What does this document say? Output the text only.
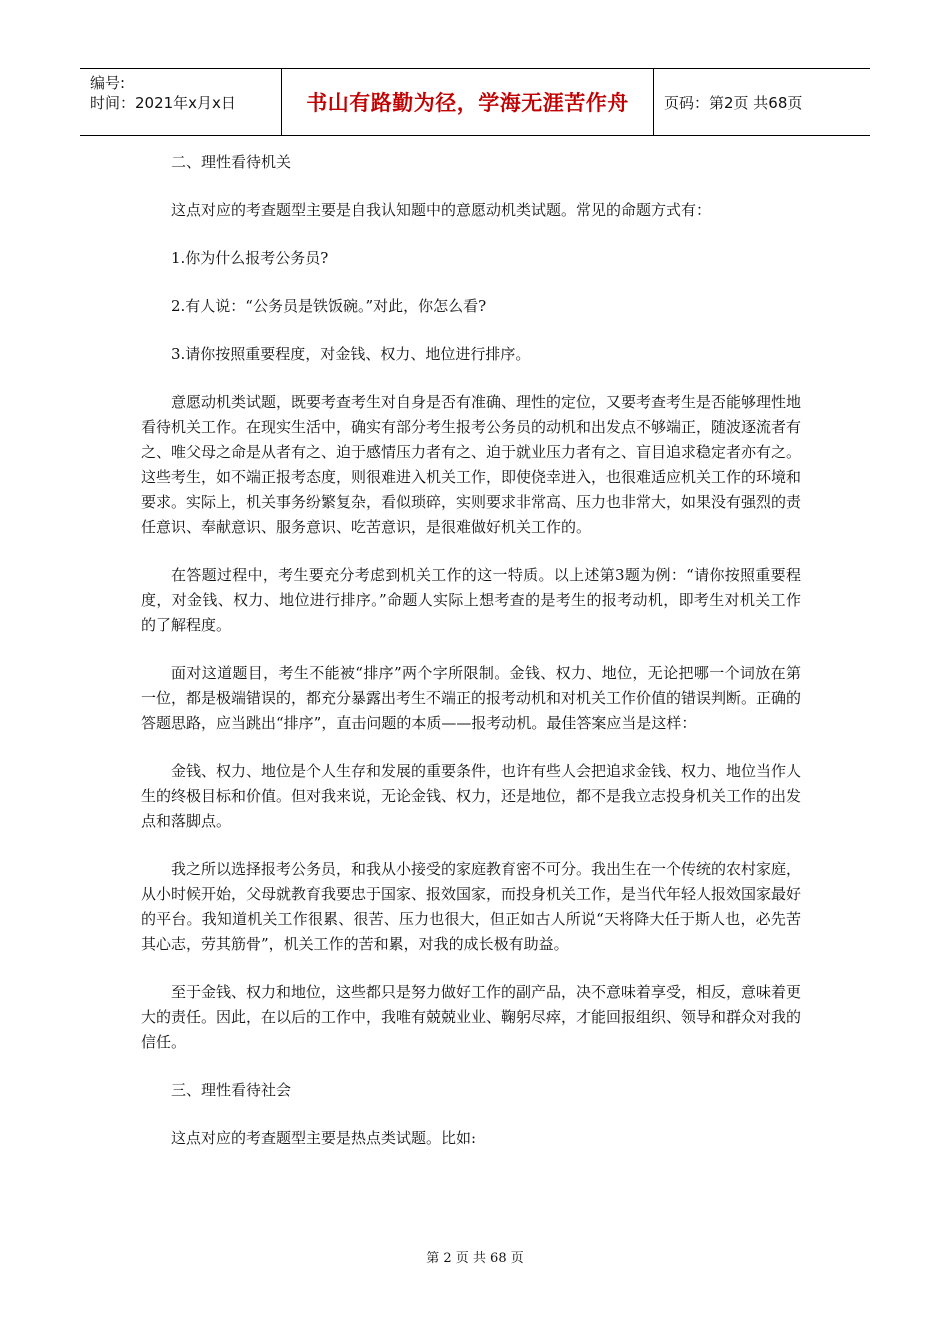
编号:
时间：2021年x月x日	书山有路勤为径，学海无涯苦作舟	页码：第2页 共68页

二、理性看待机关

这点对应的考查题型主要是自我认知题中的意愿动机类试题。常见的命题方式有：

1.你为什么报考公务员?

2.有人说：“公务员是铁饭碗。”对此，你怎么看?

3.请你按照重要程度，对金钱、权力、地位进行排序。

意愿动机类试题，既要考查考生对自身是否有准确、理性的定位，又要考查考生是否能够理性地看待机关工作。在现实生活中，确实有部分考生报考公务员的动机和出发点不够端正，随波逐流者有之、唯父母之命是从者有之、迫于感情压力者有之、迫于就业压力者有之、盲目追求稳定者亦有之。这些考生，如不端正报考态度，则很难进入机关工作，即使侥幸进入，也很难适应机关工作的环境和要求。实际上，机关事务纷繁复杂，看似琐碎，实则要求非常高、压力也非常大，如果没有强烈的责任意识、奉献意识、服务意识、吃苦意识，是很难做好机关工作的。

在答题过程中，考生要充分考虑到机关工作的这一特质。以上述第3题为例：“请你按照重要程度，对金钱、权力、地位进行排序。”命题人实际上想考查的是考生的报考动机，即考生对机关工作的了解程度。

面对这道题目，考生不能被“排序”两个字所限制。金钱、权力、地位，无论把哪一个词放在第一位，都是极端错误的，都充分暴露出考生不端正的报考动机和对机关工作价值的错误判断。正确的答题思路，应当跳出“排序”，直击问题的本质——报考动机。最佳答案应当是这样：

金钱、权力、地位是个人生存和发展的重要条件，也许有些人会把追求金钱、权力、地位当作人生的终极目标和价值。但对我来说，无论金钱、权力，还是地位，都不是我立志投身机关工作的出发点和落脚点。

我之所以选择报考公务员，和我从小接受的家庭教育密不可分。我出生在一个传统的农村家庭，从小时候开始，父母就教育我要忠于国家、报效国家，而投身机关工作，是当代年轻人报效国家最好的平台。我知道机关工作很累、很苦、压力也很大，但正如古人所说“天将降大任于斯人也，必先苦其心志，劳其筋骨”，机关工作的苦和累，对我的成长极有助益。

至于金钱、权力和地位，这些都只是努力做好工作的副产品，决不意味着享受，相反，意味着更大的责任。因此，在以后的工作中，我唯有兢兢业业、鞠躬尽瘁，才能回报组织、领导和群众对我的信任。

三、理性看待社会

这点对应的考查题型主要是热点类试题。比如:

第 2 页 共 68 页
